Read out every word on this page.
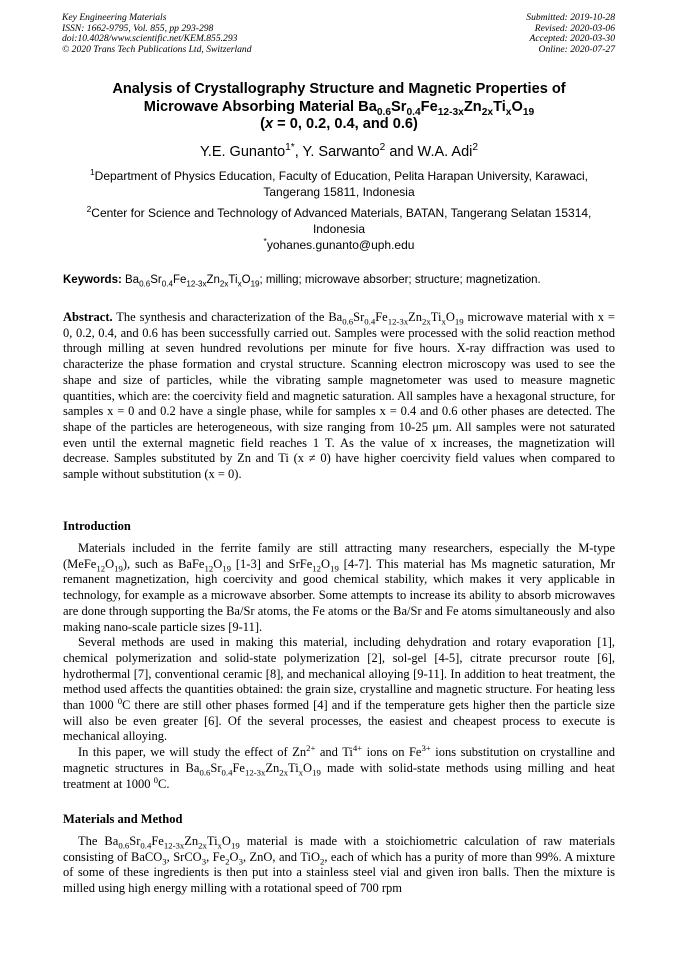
Key Engineering Materials
ISSN: 1662-9795, Vol. 855, pp 293-298
doi:10.4028/www.scientific.net/KEM.855.293
© 2020 Trans Tech Publications Ltd, Switzerland
Submitted: 2019-10-28
Revised: 2020-03-06
Accepted: 2020-03-30
Online: 2020-07-27
Analysis of Crystallography Structure and Magnetic Properties of
Microwave Absorbing Material $Ba_{0.6}Sr_{0.4}Fe_{12-3x}Zn_{2x}Ti_xO_{19}$
(x = 0, 0.2, 0.4, and 0.6)
Y.E. Gunanto$^{1*}$, Y. Sarwanto$^2$ and W.A. Adi$^2$
$^1$Department of Physics Education, Faculty of Education, Pelita Harapan University, Karawaci, Tangerang 15811, Indonesia
$^2$Center for Science and Technology of Advanced Materials, BATAN, Tangerang Selatan 15314, Indonesia
*yohanes.gunanto@uph.edu
Keywords: $Ba_{0.6}Sr_{0.4}Fe_{12-3x}Zn_{2x}Ti_xO_{19}$; milling; microwave absorber; structure; magnetization.

Abstract. The synthesis and characterization of the $Ba_{0.6}Sr_{0.4}Fe_{12-3x}Zn_{2x}Ti_xO_{19}$ microwave material with x = 0, 0.2, 0.4, and 0.6 has been successfully carried out. Samples were processed with the solid reaction method through milling at seven hundred revolutions per minute for five hours. X-ray diffraction was used to characterize the phase formation and crystal structure. Scanning electron microscopy was used to see the shape and size of particles, while the vibrating sample magnetometer was used to measure magnetic quantities, which are: the coercivity field and magnetic saturation. All samples have a hexagonal structure, for samples x = 0 and 0.2 have a single phase, while for samples x = 0.4 and 0.6 other phases are detected. The shape of the particles are heterogeneous, with size ranging from 10-25 μm. All samples were not saturated even until the external magnetic field reaches 1 T. As the value of x increases, the magnetization will decrease. Samples substituted by Zn and Ti (x ≠ 0) have higher coercivity field values when compared to sample without substitution (x = 0).

Introduction

Materials included in the ferrite family are still attracting many researchers, especially the M-type $(MeFe_{12}O_{19})$, such as $BaFe_{12}O_{19}$ [1-3] and $SrFe_{12}O_{19}$ [4-7]. This material has Ms magnetic saturation, Mr remanent magnetization, high coercivity and good chemical stability, which makes it very applicable in technology, for example as a microwave absorber. Some attempts to increase its ability to absorb microwaves are done through supporting the Ba/Sr atoms, the Fe atoms or the Ba/Sr and Fe atoms simultaneously and also making nano-scale particle sizes [9-11].

Several methods are used in making this material, including dehydration and rotary evaporation [1], chemical polymerization and solid-state polymerization [2], sol-gel [4-5], citrate precursor route [6], hydrothermal [7], conventional ceramic [8], and mechanical alloying [9-11]. In addition to heat treatment, the method used affects the quantities obtained: the grain size, crystalline and magnetic structure. For heating less than 1000 $^0$C there are still other phases formed [4] and if the temperature gets higher then the particle size will also be even greater [6]. Of the several processes, the easiest and cheapest process to execute is mechanical alloying.

In this paper, we will study the effect of $Zn^{2+}$ and $Ti^{4+}$ ions on $Fe^{3+}$ ions substitution on crystalline and magnetic structures in $Ba_{0.6}Sr_{0.4}Fe_{12-3x}Zn_{2x}Ti_xO_{19}$ made with solid-state methods using milling and heat treatment at 1000 $^0$C.

Materials and Method

The $Ba_{0.6}Sr_{0.4}Fe_{12-3x}Zn_{2x}Ti_xO_{19}$ material is made with a stoichiometric calculation of raw materials consisting of BaCO$_3$, SrCO$_3$, $Fe_2O_3$, ZnO, and TiO$_2$, each of which has a purity of more than 99%. A mixture of some of these ingredients is then put into a stainless steel vial and given iron balls. Then the mixture is milled using high energy milling with a rotational speed of 700 rpm
